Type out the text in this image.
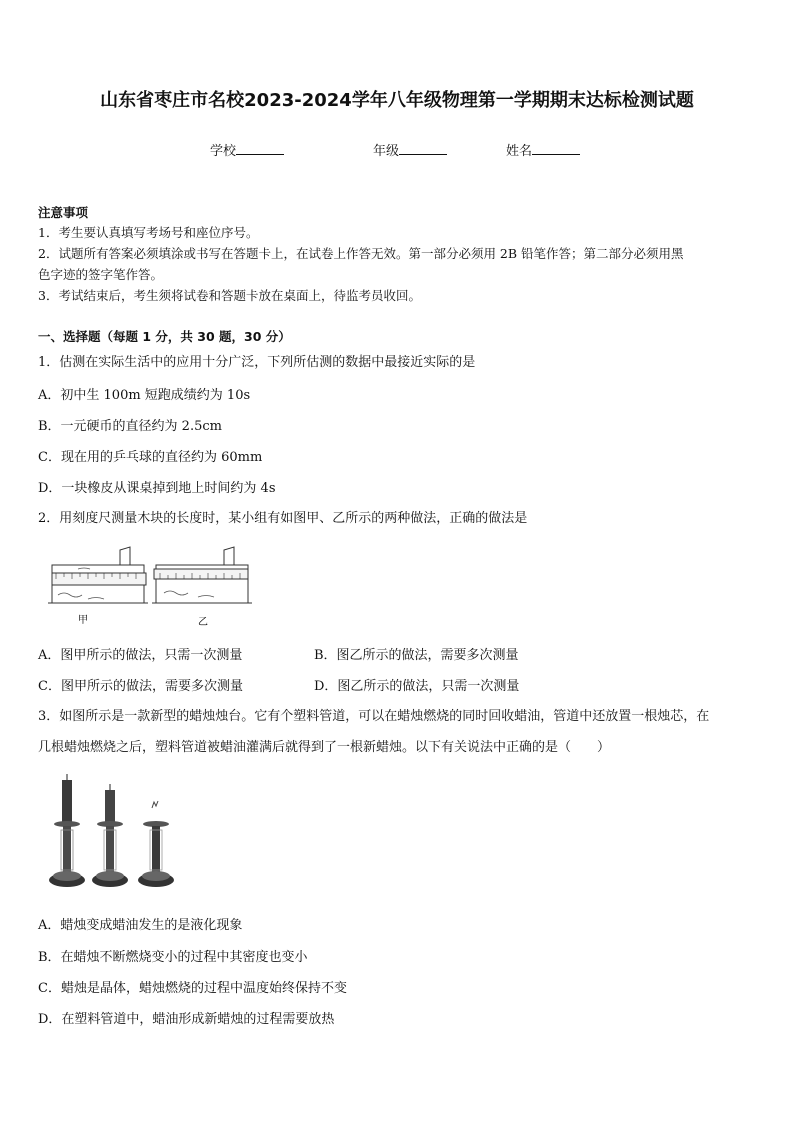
山东省枣庄市名校2023-2024学年八年级物理第一学期期末达标检测试题
学校	年级	姓名
注意事项
1．考生要认真填写考场号和座位序号。
2．试题所有答案必须填涂或书写在答题卡上，在试卷上作答无效。第一部分必须用 2B 铅笔作答；第二部分必须用黑
色字迹的签字笔作答。
3．考试结束后，考生须将试卷和答题卡放在桌面上，待监考员收回。
一、选择题（每题 1 分，共 30 题，30 分）
1．估测在实际生活中的应用十分广泛，下列所估测的数据中最接近实际的是
A．初中生 100m 短跑成绩约为 10s
B．一元硬币的直径约为 2.5cm
C．现在用的乒乓球的直径约为 60mm
D．一块橡皮从课桌掉到地上时间约为 4s
2．用刻度尺测量木块的长度时，某小组有如图甲、乙所示的两种做法，正确的做法是
甲	乙
A．图甲所示的做法，只需一次测量	B．图乙所示的做法，需要多次测量
C．图甲所示的做法，需要多次测量	D．图乙所示的做法，只需一次测量
3．如图所示是一款新型的蜡烛烛台。它有个塑料管道，可以在蜡烛燃烧的同时回收蜡油，管道中还放置一根烛芯，在
几根蜡烛燃烧之后，塑料管道被蜡油灌满后就得到了一根新蜡烛。以下有关说法中正确的是（　　）
A．蜡烛变成蜡油发生的是液化现象
B．在蜡烛不断燃烧变小的过程中其密度也变小
C．蜡烛是晶体，蜡烛燃烧的过程中温度始终保持不变
D．在塑料管道中，蜡油形成新蜡烛的过程需要放热
